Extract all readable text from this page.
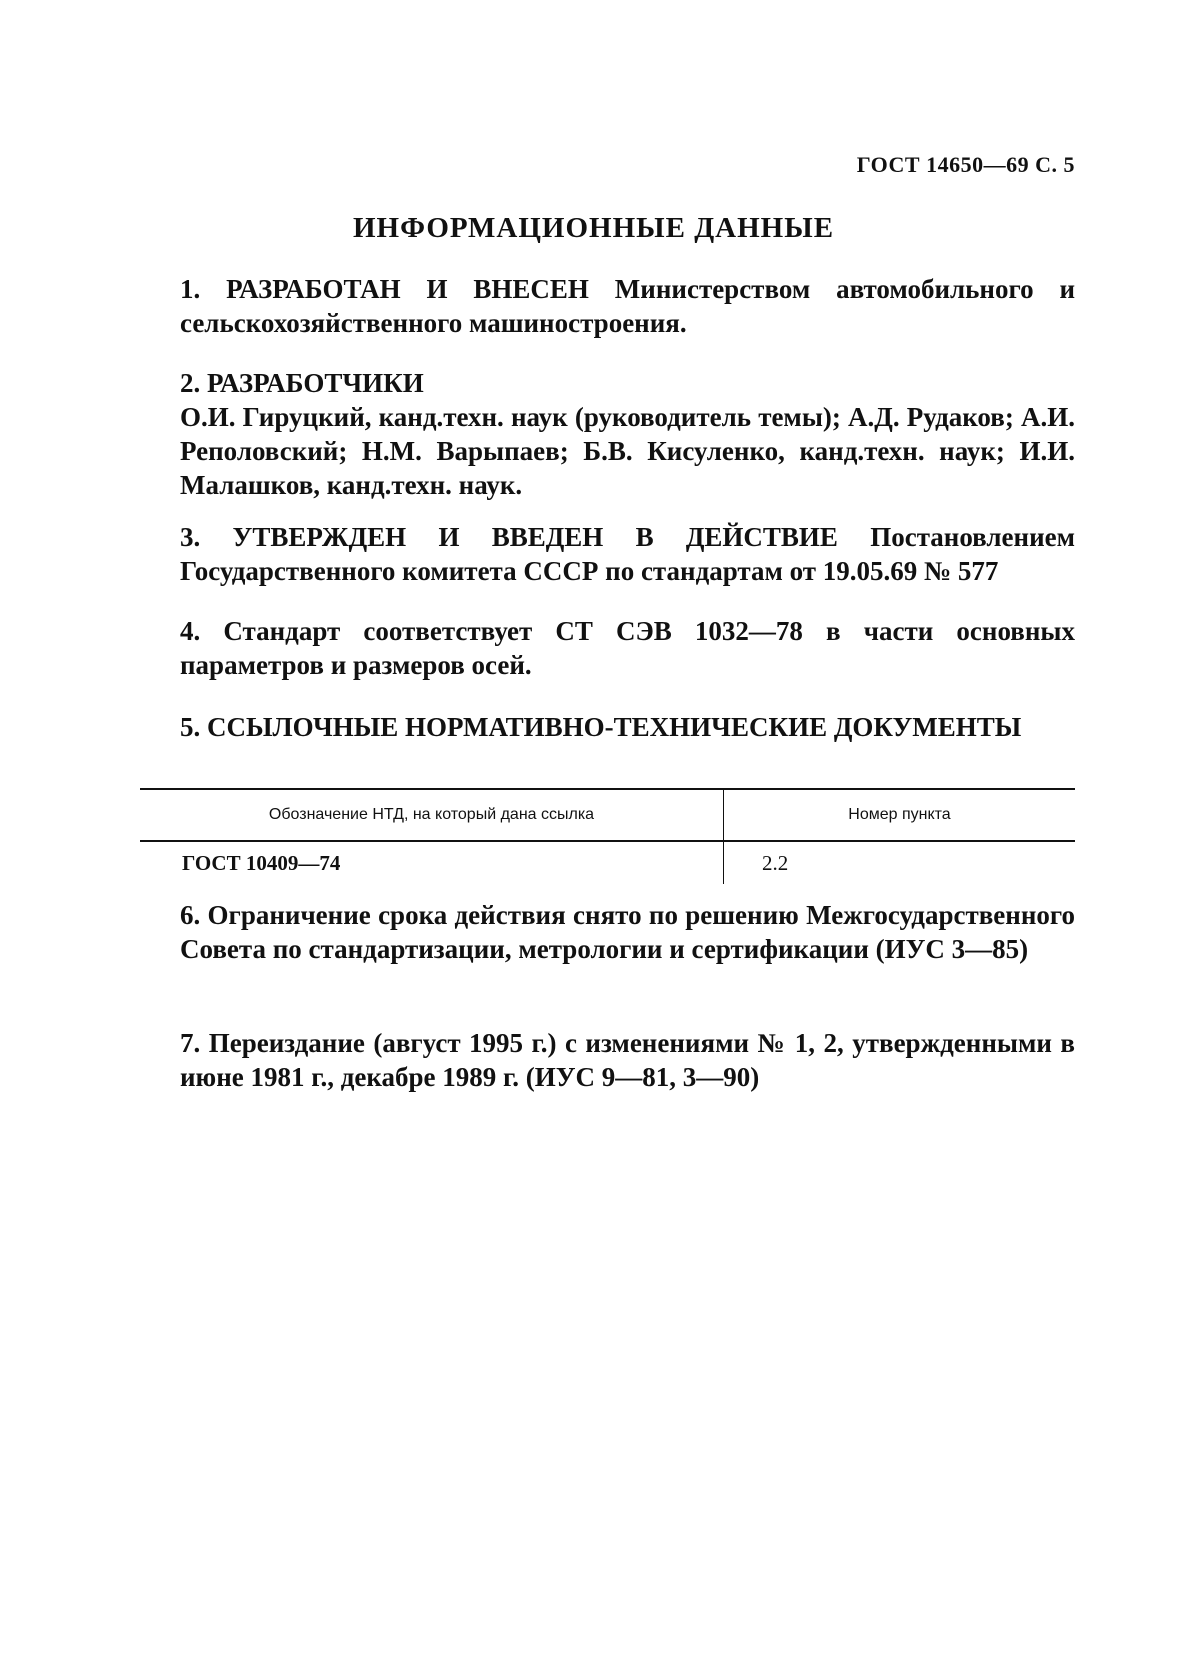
ГОСТ 14650—69 С. 5
ИНФОРМАЦИОННЫЕ ДАННЫЕ

1. РАЗРАБОТАН И ВНЕСЕН Министерством автомобильного и сельскохозяйственного машиностроения.

2. РАЗРАБОТЧИКИ

О.И. Гируцкий, канд.техн. наук (руководитель темы); А.Д. Рудаков; А.И. Реполовский; Н.М. Варыпаев; Б.В. Кисуленко, канд.техн. наук; И.И. Малашков, канд.техн. наук.

3. УТВЕРЖДЕН И ВВЕДЕН В ДЕЙСТВИЕ Постановлением Государственного комитета СССР по стандартам от 19.05.69 № 577

4. Стандарт соответствует СТ СЭВ 1032—78 в части основных параметров и размеров осей.

5. ССЫЛОЧНЫЕ НОРМАТИВНО-ТЕХНИЧЕСКИЕ ДОКУМЕНТЫ

Обозначение НТД, на который дана ссылка	Номер пункта
ГОСТ 10409—74	2.2

6. Ограничение срока действия снято по решению Межгосударственного Совета по стандартизации, метрологии и сертификации (ИУС 3—85)

7. Переиздание (август 1995 г.) с изменениями № 1, 2, утвержденными в июне 1981 г., декабре 1989 г. (ИУС 9—81, 3—90)
